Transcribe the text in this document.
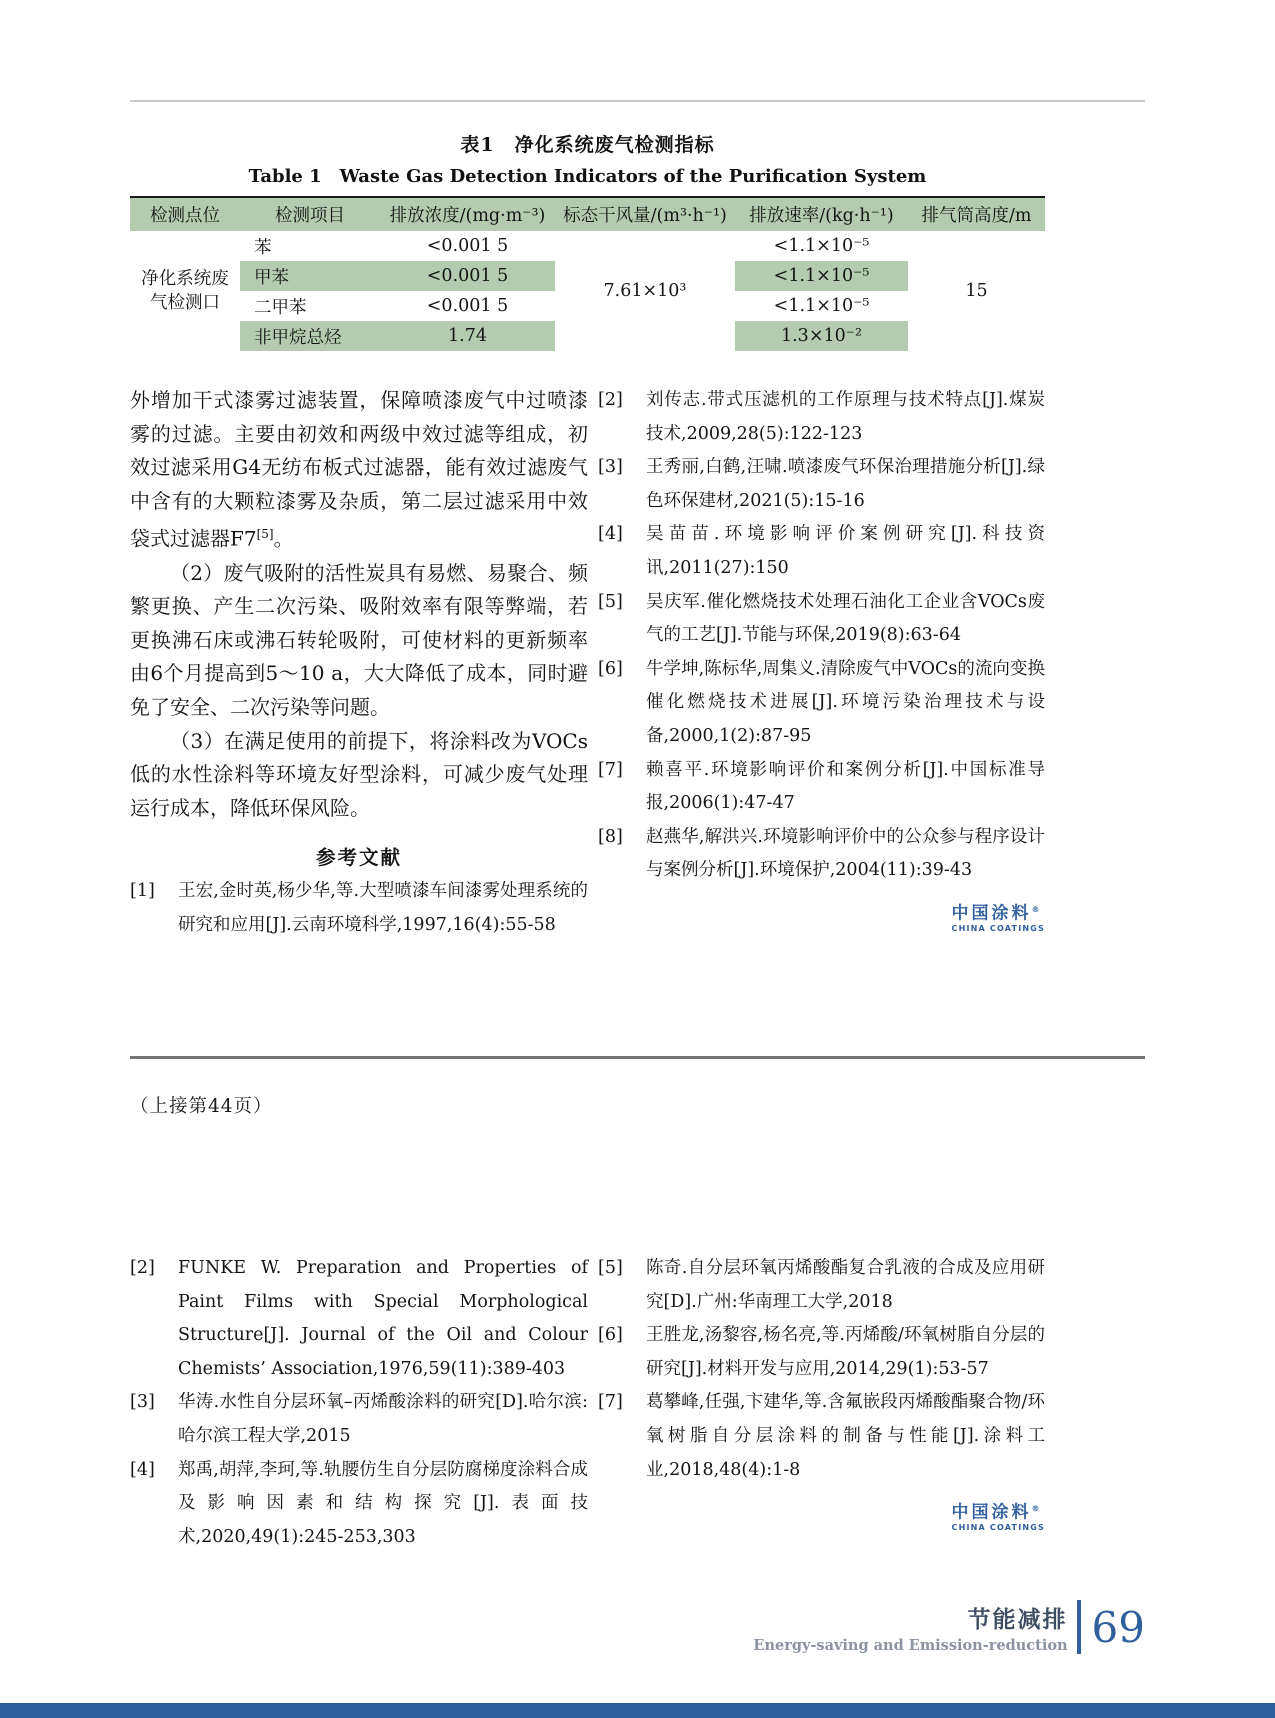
表1　净化系统废气检测指标
Table 1　Waste Gas Detection Indicators of the Purification System
检测点位	检测项目	排放浓度/(mg·m⁻³)	标态干风量/(m³·h⁻¹)	排放速率/(kg·h⁻¹)	排气筒高度/m
净化系统废气检测口
苯	<0.001 5	<1.1×10⁻⁵
甲苯	<0.001 5	<1.1×10⁻⁵
二甲苯	<0.001 5	<1.1×10⁻⁵
非甲烷总烃	1.74	1.3×10⁻²
7.61×10³	15

外增加干式漆雾过滤装置，保障喷漆废气中过喷漆雾的过滤。主要由初效和两级中效过滤等组成，初效过滤采用G4无纺布板式过滤器，能有效过滤废气中含有的大颗粒漆雾及杂质，第二层过滤采用中效袋式过滤器F7[5]。

（2）废气吸附的活性炭具有易燃、易聚合、频繁更换、产生二次污染、吸附效率有限等弊端，若更换沸石床或沸石转轮吸附，可使材料的更新频率由6个月提高到5～10 a，大大降低了成本，同时避免了安全、二次污染等问题。

（3）在满足使用的前提下，将涂料改为VOCs低的水性涂料等环境友好型涂料，可减少废气处理运行成本，降低环保风险。

参考文献
[1]	王宏,金时英,杨少华,等.大型喷漆车间漆雾处理系统的研究和应用[J].云南环境科学,1997,16(4):55-58
[2]	刘传志.带式压滤机的工作原理与技术特点[J].煤炭技术,2009,28(5):122-123
[3]	王秀丽,白鹤,汪啸.喷漆废气环保治理措施分析[J].绿色环保建材,2021(5):15-16
[4]	吴苗苗.环境影响评价案例研究[J].科技资讯,2011(27):150
[5]	吴庆军.催化燃烧技术处理石油化工企业含VOCs废气的工艺[J].节能与环保,2019(8):63-64
[6]	牛学坤,陈标华,周集义.清除废气中VOCs的流向变换催化燃烧技术进展[J].环境污染治理技术与设备,2000,1(2):87-95
[7]	赖喜平.环境影响评价和案例分析[J].中国标准导报,2006(1):47-47
[8]	赵燕华,解洪兴.环境影响评价中的公众参与程序设计与案例分析[J].环境保护,2004(11):39-43
中国涂料®
CHINA COATINGS
（上接第44页）
[2]	FUNKE W. Preparation and Properties of Paint Films with Special Morphological Structure[J]. Journal of the Oil and Colour Chemists’ Association,1976,59(11):389-403
[3]	华涛.水性自分层环氧–丙烯酸涂料的研究[D].哈尔滨:哈尔滨工程大学,2015
[4]	郑禹,胡萍,李珂,等.轨腰仿生自分层防腐梯度涂料合成及影响因素和结构探究[J].表面技术,2020,49(1):245-253,303
[5]	陈奇.自分层环氧丙烯酸酯复合乳液的合成及应用研究[D].广州:华南理工大学,2018
[6]	王胜龙,汤黎容,杨名亮,等.丙烯酸/环氧树脂自分层的研究[J].材料开发与应用,2014,29(1):53-57
[7]	葛攀峰,任强,卞建华,等.含氟嵌段丙烯酸酯聚合物/环氧树脂自分层涂料的制备与性能[J].涂料工业,2018,48(4):1-8
中国涂料®
CHINA COATINGS
节能减排
Energy-saving and Emission-reduction 69
